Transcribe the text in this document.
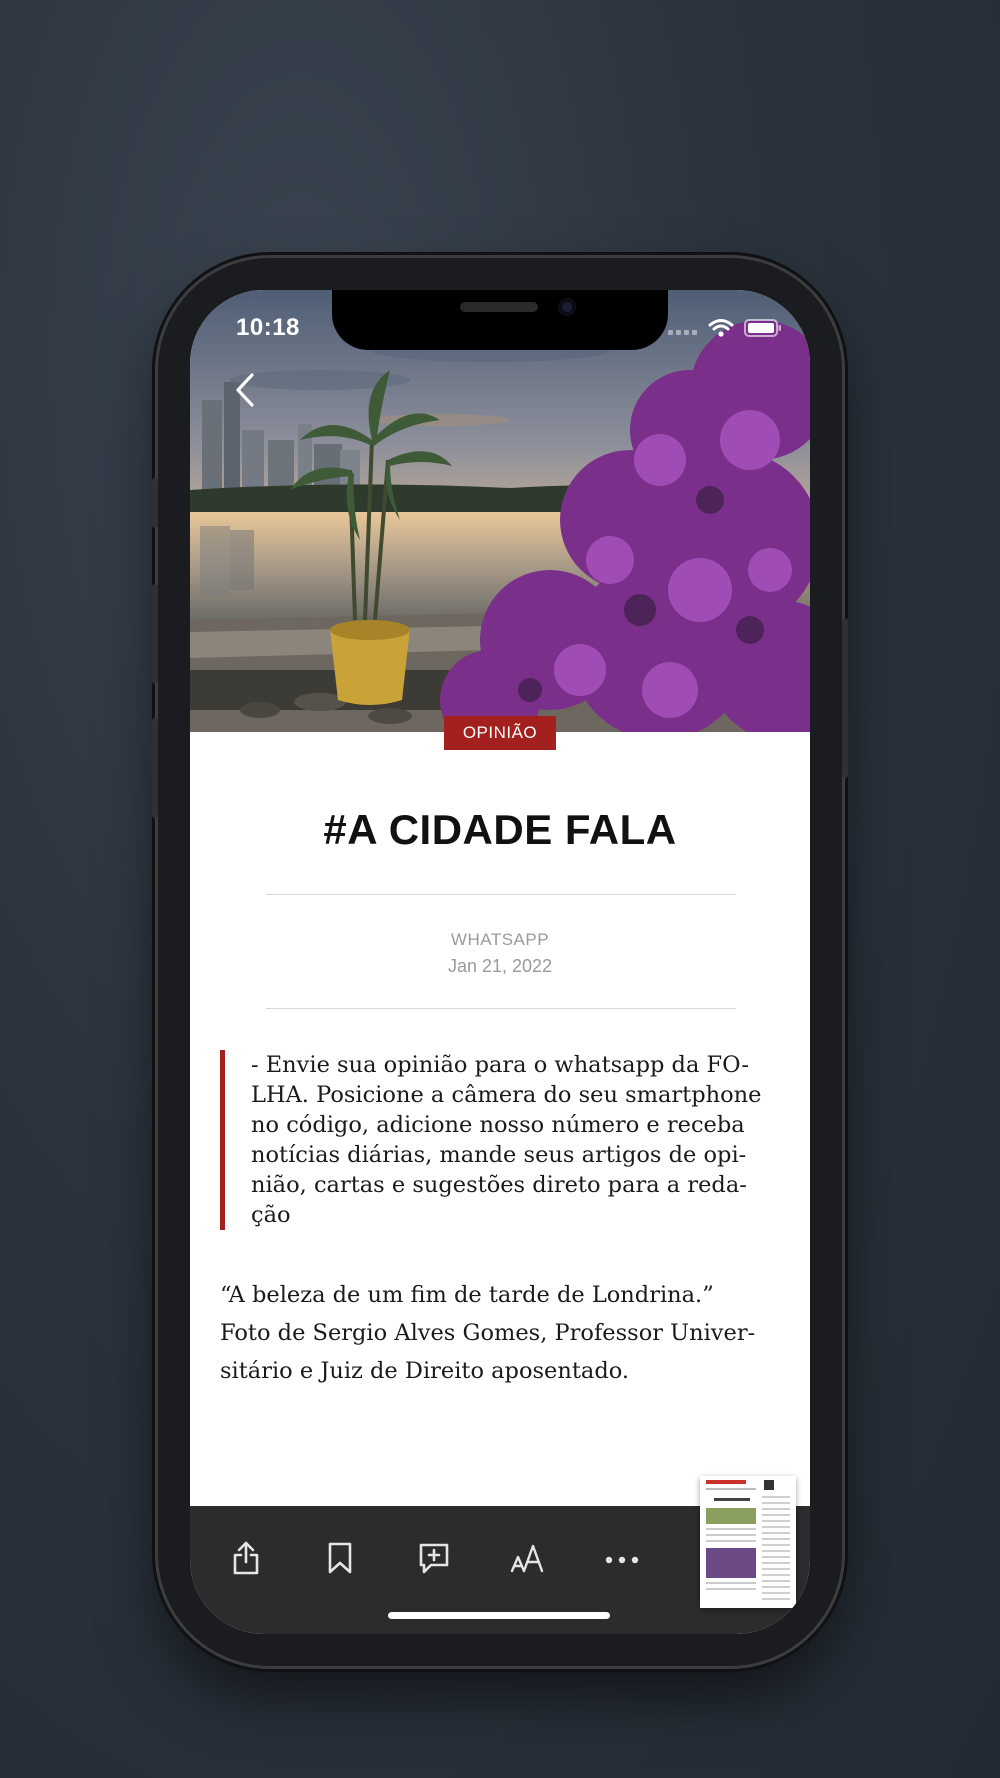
10:18
OPINIÃO
#A CIDADE FALA
WHATSAPP
Jan 21, 2022

- Envie sua opinião para o whatsapp da FO-

LHA. Posicione a câmera do seu smartphone

no código, adicione nosso número e receba

notícias diárias, mande seus artigos de opi-

nião, cartas e sugestões direto para a reda-

ção

“A beleza de um fim de tarde de Londrina.”

Foto de Sergio Alves Gomes, Professor Univer-

sitário e Juiz de Direito aposentado.
